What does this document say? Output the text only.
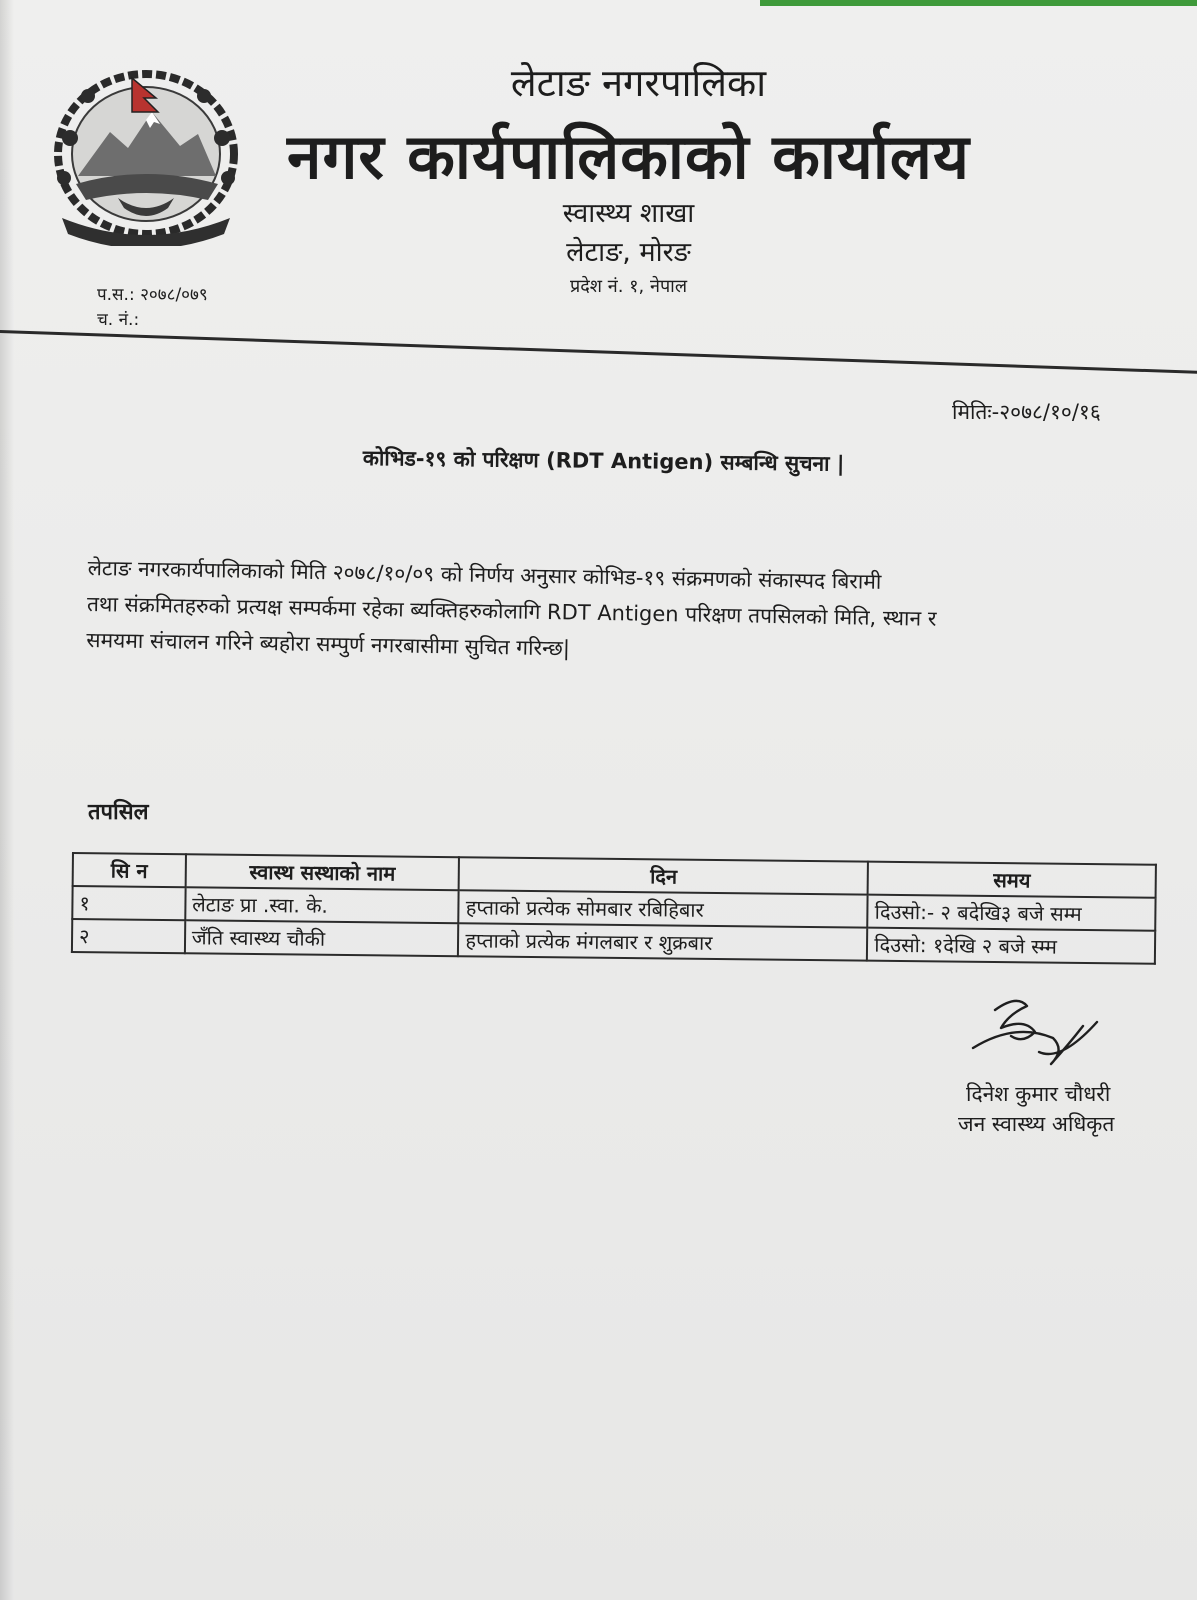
लेटाङ नगरपालिका
नगर कार्यपालिकाको कार्यालय
स्वास्थ्य शाखा
लेटाङ, मोरङ
प्रदेश नं. १, नेपाल
प.स.: २०७८/०७९
च. नं.:
मितिः-२०७८/१०/१६
कोभिड-१९ को परिक्षण (RDT Antigen) सम्बन्धि सुचना |
लेटाङ नगरकार्यपालिकाको मिति २०७८/१०/०९ को निर्णय अनुसार कोभिड-१९ संक्रमणको संकास्पद बिरामी
तथा संक्रमितहरुको प्रत्यक्ष सम्पर्कमा रहेका ब्यक्तिहरुकोलागि RDT Antigen परिक्षण तपसिलको मिति, स्थान र
समयमा संचालन गरिने ब्यहोरा सम्पुर्ण नगरबासीमा सुचित गरिन्छ|
तपसिल
सि न	स्वास्थ सस्थाको नाम	दिन	समय
१	लेटाङ प्रा .स्वा. के.	हप्ताको प्रत्येक सोमबार रबिहिबार	दिउसो:- २ बदेखि३ बजे सम्म
२	जँति स्वास्थ्य चौकी	हप्ताको प्रत्येक मंगलबार र शुक्रबार	दिउसो: १देखि २ बजे स्म्म
दिनेश कुमार चौधरी
जन स्वास्थ्य अधिकृत
